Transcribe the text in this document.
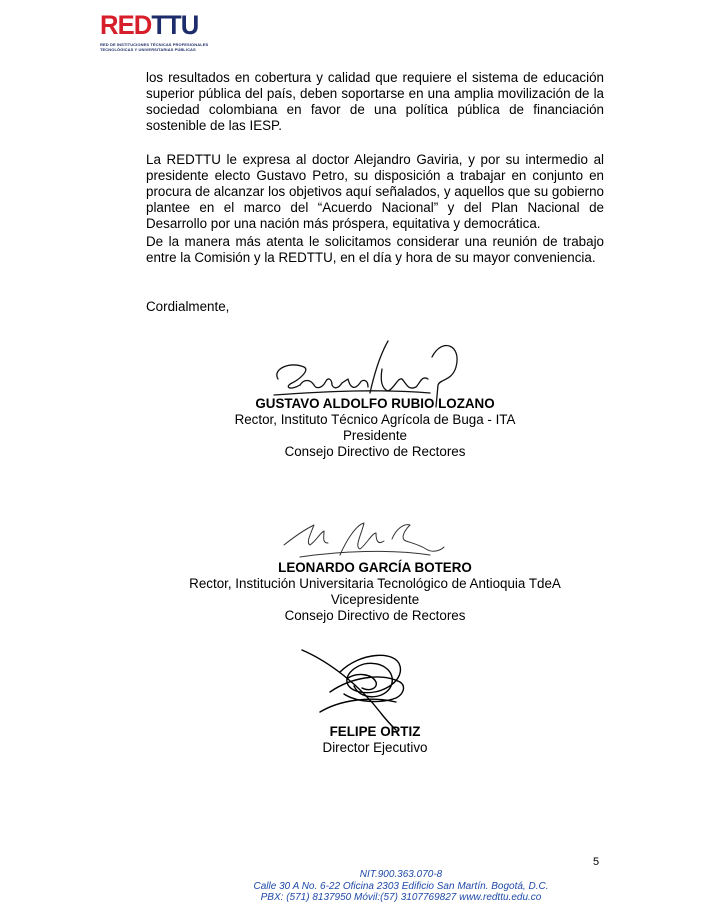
REDTTU
RED DE INSTITUCIONES TÉCNICAS PROFESIONALES
TECNOLÓGICAS Y UNIVERSITARIAS PÚBLICAS

los resultados en cobertura y calidad que requiere el sistema de educación superior pública del país, deben soportarse en una amplia movilización de la sociedad colombiana en favor de una política pública de financiación sostenible de las IESP.

La REDTTU le expresa al doctor Alejandro Gaviria, y por su intermedio al presidente electo Gustavo Petro, su disposición a trabajar en conjunto en procura de alcanzar los objetivos aquí señalados, y aquellos que su gobierno plantee en el marco del “Acuerdo Nacional” y del Plan Nacional de Desarrollo por una nación más próspera, equitativa y democrática.

De la manera más atenta le solicitamos considerar una reunión de trabajo entre la Comisión y la REDTTU, en el día y hora de su mayor conveniencia.

Cordialmente,

GUSTAVO ALDOLFO RUBIO LOZANO
Rector, Instituto Técnico Agrícola de Buga - ITA
Presidente
Consejo Directivo de Rectores
LEONARDO GARCÍA BOTERO
Rector, Institución Universitaria Tecnológico de Antioquia TdeA
Vicepresidente
Consejo Directivo de Rectores
FELIPE ORTIZ
Director Ejecutivo
5
NIT.900.363.070-8
Calle 30 A No. 6-22 Oficina 2303 Edificio San Martín. Bogotá, D.C.
PBX: (571) 8137950 Móvil:(57) 3107769827 www.redttu.edu.co
